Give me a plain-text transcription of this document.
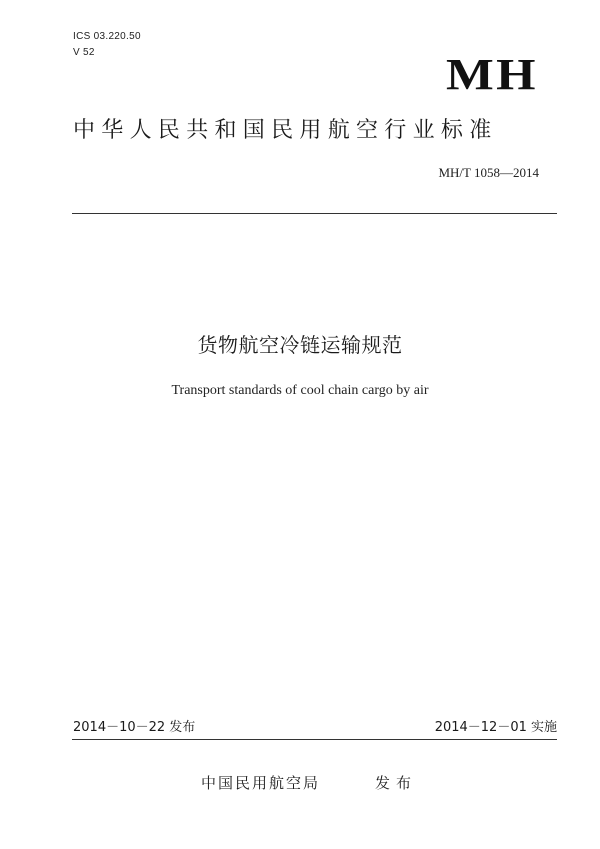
ICS 03.220.50
V 52	MH
中华人民共和国民用航空行业标准
MH/T 1058—2014
货物航空冷链运输规范
Transport standards of cool chain cargo by air
2014－10－22 发布	2014－12－01 实施
中国民用航空局	发布
